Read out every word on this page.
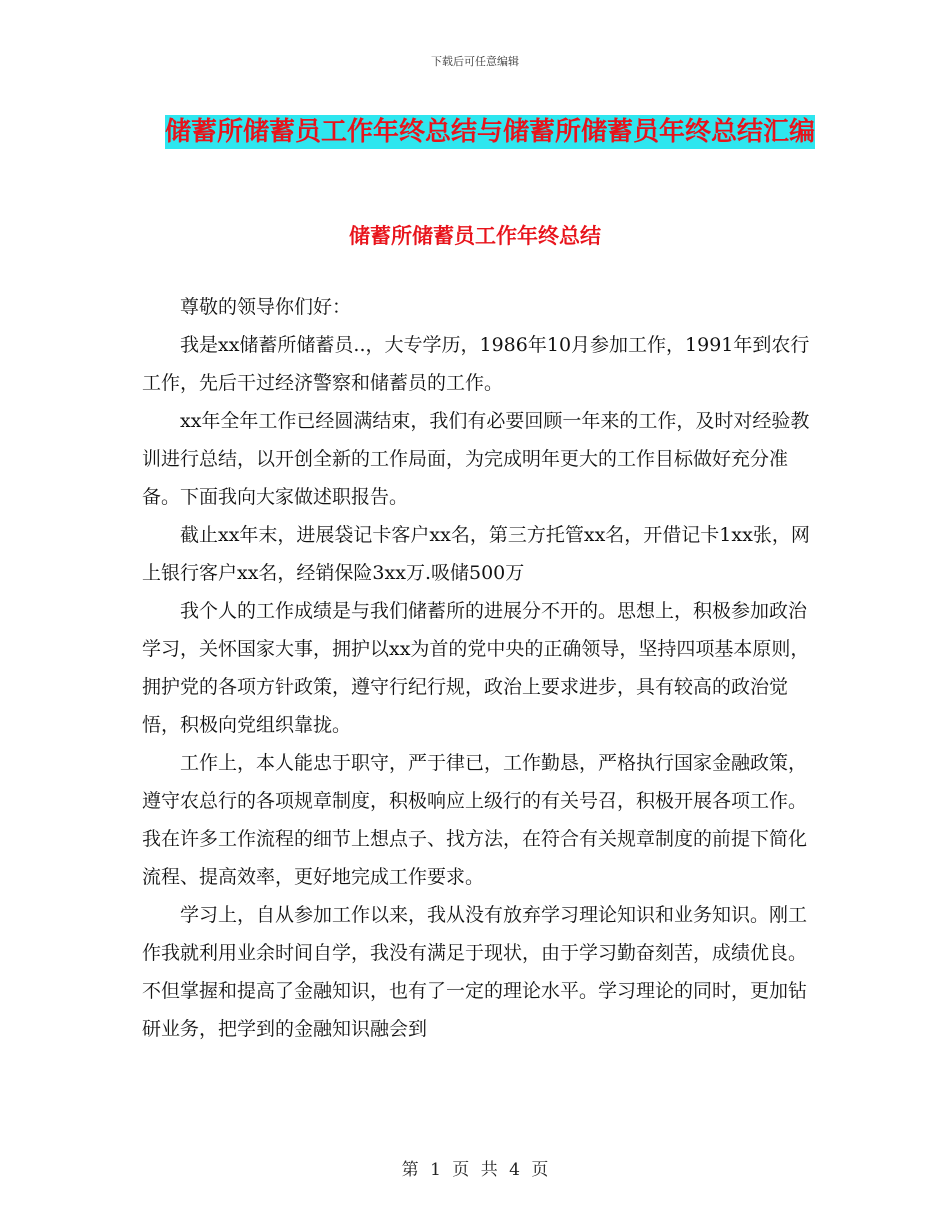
下载后可任意编辑
储蓄所储蓄员工作年终总结与储蓄所储蓄员年终总结汇编
储蓄所储蓄员工作年终总结

尊敬的领导你们好：

我是xx储蓄所储蓄员..，大专学历，1986年10月参加工作，1991年到农行工作，先后干过经济警察和储蓄员的工作。

xx年全年工作已经圆满结束，我们有必要回顾一年来的工作，及时对经验教训进行总结，以开创全新的工作局面，为完成明年更大的工作目标做好充分准备。下面我向大家做述职报告。

截止xx年末，进展袋记卡客户xx名，第三方托管xx名，开借记卡1xx张，网上银行客户xx名，经销保险3xx万.吸储500万

我个人的工作成绩是与我们储蓄所的进展分不开的。思想上，积极参加政治学习，关怀国家大事，拥护以xx为首的党中央的正确领导，坚持四项基本原则，拥护党的各项方针政策，遵守行纪行规，政治上要求进步，具有较高的政治觉悟，积极向党组织靠拢。

工作上，本人能忠于职守，严于律已，工作勤恳，严格执行国家金融政策，遵守农总行的各项规章制度，积极响应上级行的有关号召，积极开展各项工作。我在许多工作流程的细节上想点子、找方法，在符合有关规章制度的前提下简化流程、提高效率，更好地完成工作要求。

学习上，自从参加工作以来，我从没有放弃学习理论知识和业务知识。刚工作我就利用业余时间自学，我没有满足于现状，由于学习勤奋刻苦，成绩优良。不但掌握和提高了金融知识，也有了一定的理论水平。学习理论的同时，更加钻研业务，把学到的金融知识融会到

第 1 页 共 4 页
